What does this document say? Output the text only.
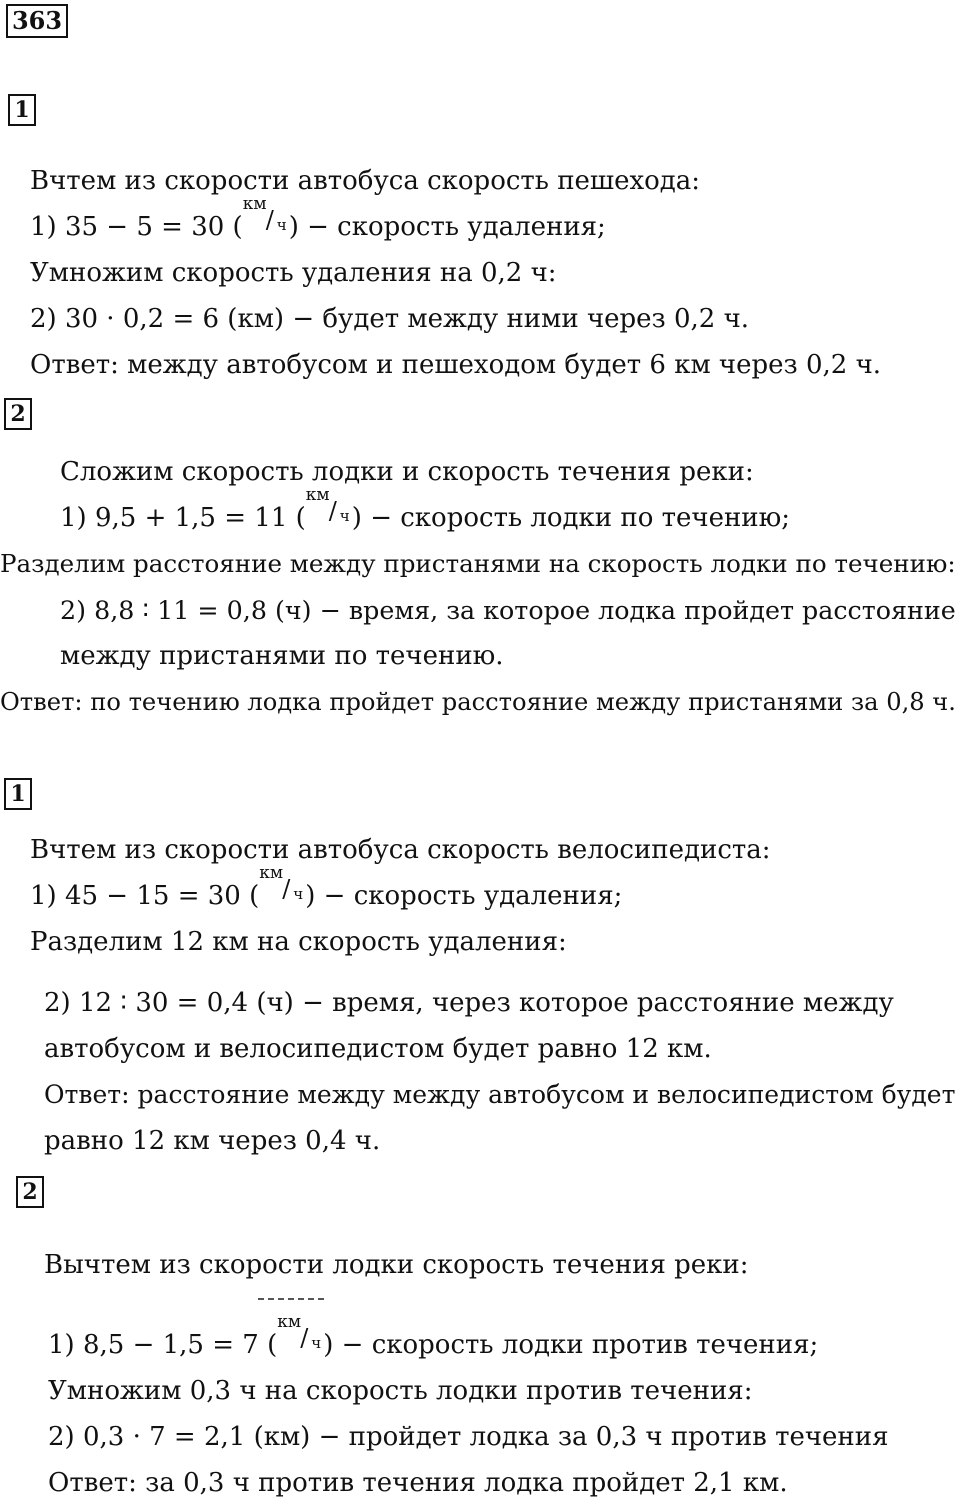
363
1
Вчтем из скорости автобуса скорость пешехода:
1) 35 − 5 = 30 (
км
/ ч ) − скорость удаления;
Умножим скорость удаления на 0,2 ч:
2) 30 · 0,2 = 6 (км) − будет между ними через 0,2 ч.
Ответ: между автобусом и пешеходом будет 6 км через 0,2 ч.
2
Сложим скорость лодки и скорость течения реки:
1) 9,5 + 1,5 = 11 (
км
/ ч ) − скорость лодки по течению;
Разделим расстояние между пристанями на скорость лодки по течению:
2) 8,8 ∶ 11 = 0,8 (ч) − время, за которое лодка пройдет расстояние
между пристанями по течению.
Ответ: по течению лодка пройдет расстояние между пристанями за 0,8 ч.
1
Вчтем из скорости автобуса скорость велосипедиста:
1) 45 − 15 = 30 (
км
/ ч ) − скорость удаления;
Разделим 12 км на скорость удаления:
2) 12 ∶ 30 = 0,4 (ч) − время, через которое расстояние между
автобусом и велосипедистом будет равно 12 км.
Ответ: расстояние между между автобусом и велосипедистом будет
равно 12 км через 0,4 ч.
2
Вычтем из скорости лодки скорость течения реки:
1) 8,5 − 1,5 = 7 (
км
/ ч ) − скорость лодки против течения;
Умножим 0,3 ч на скорость лодки против течения:
2) 0,3 · 7 = 2,1 (км) − пройдет лодка за 0,3 ч против течения
Ответ: за 0,3 ч против течения лодка пройдет 2,1 км.
